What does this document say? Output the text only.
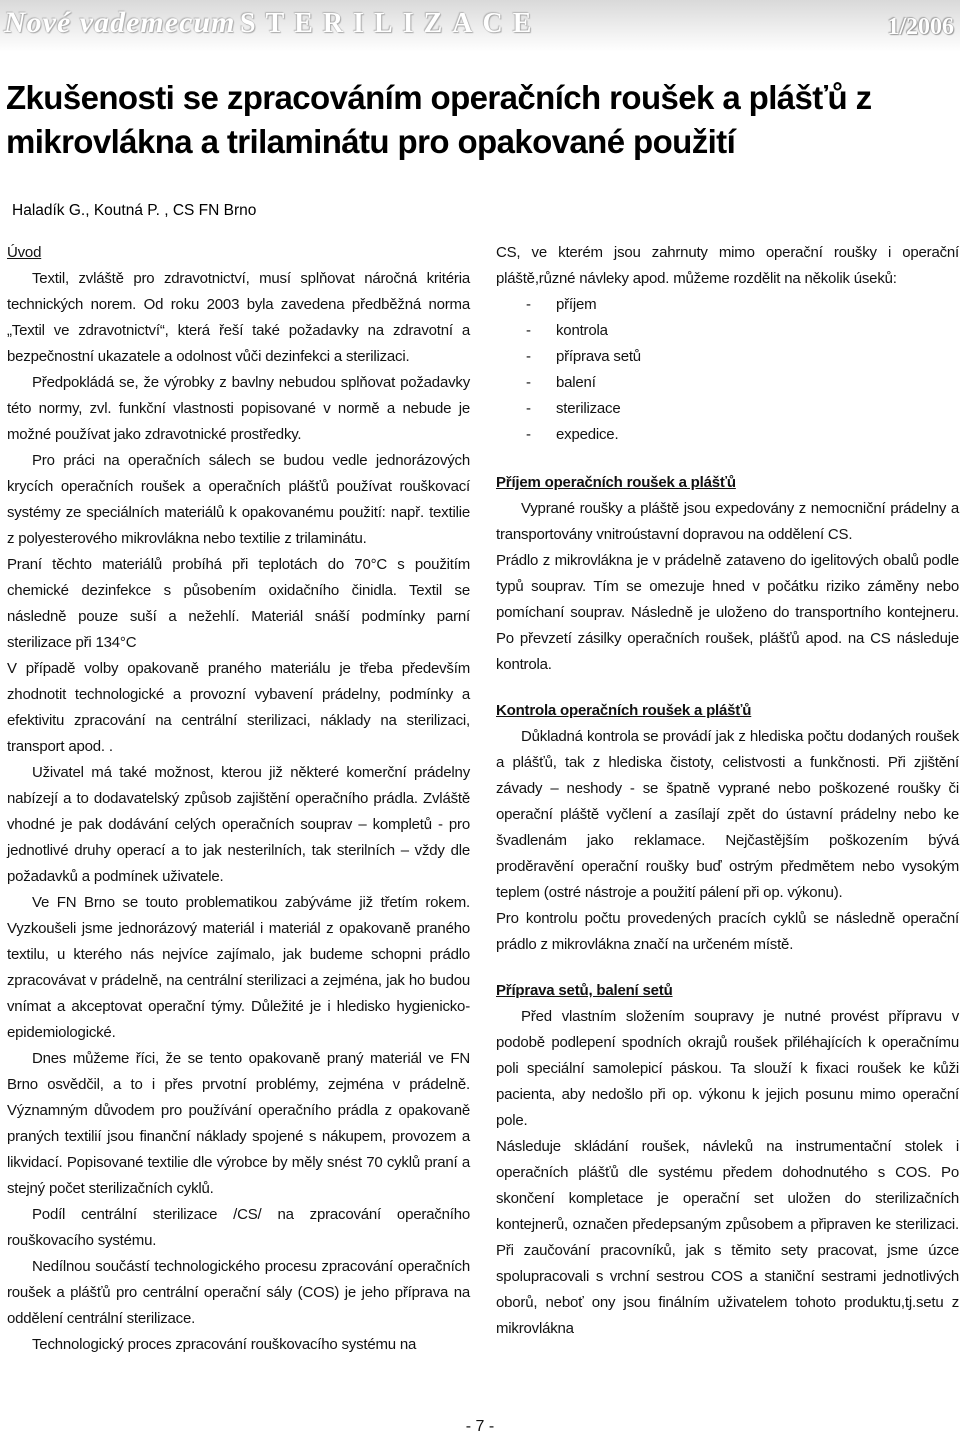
Nové vademecum STERILIZACE	1/2006
Zkušenosti se zpracováním operačních roušek a plášťů z mikrovlákna a trilaminátu pro opakované použití
Haladík G., Koutná P. , CS FN Brno

Úvod

Textil, zvláště pro zdravotnictví, musí splňovat náročná kritéria technických norem. Od roku 2003 byla zavedena předběžná norma „Textil ve zdravotnictví“, která řeší také požadavky na zdravotní a bezpečnostní ukazatele a odolnost vůči dezinfekci a sterilizaci.

Předpokládá se, že výrobky z bavlny nebudou splňovat požadavky této normy, zvl. funkční vlastnosti popisované v normě a nebude je možné používat jako zdravotnické prostředky.

Pro práci na operačních sálech se budou vedle jednorázových krycích operačních roušek a operačních plášťů používat rouškovací systémy ze speciálních materiálů k opakovanému použití: např. textilie z polyesterového mikrovlákna nebo textilie z trilaminátu.

Praní těchto materiálů probíhá při teplotách do 70°C s použitím chemické dezinfekce s působením oxidačního činidla. Textil se následně pouze suší a nežehlí. Materiál snáší podmínky parní sterilizace při 134°C

V případě volby opakovaně praného materiálu je třeba především zhodnotit technologické a provozní vybavení prádelny, podmínky a efektivitu zpracování na centrální sterilizaci, náklady na sterilizaci, transport apod. .

Uživatel má také možnost, kterou již některé komerční prádelny nabízejí a to dodavatelský způsob zajištění operačního prádla. Zvláště vhodné je pak dodávání celých operačních souprav – kompletů - pro jednotlivé druhy operací a to jak nesterilních, tak sterilních – vždy dle požadavků a podmínek uživatele.

Ve FN Brno se touto problematikou zabýváme již třetím rokem. Vyzkoušeli jsme jednorázový materiál i materiál z opakovaně praného textilu, u kterého nás nejvíce zajímalo, jak budeme schopni prádlo zpracovávat v prádelně, na centrální sterilizaci a zejména, jak ho budou vnímat a akceptovat operační týmy. Důležité je i hledisko hygienicko-epidemiologické.

Dnes můžeme říci, že se tento opakovaně praný materiál ve FN Brno osvědčil, a to i přes prvotní problémy, zejména v prádelně. Významným důvodem pro používání operačního prádla z opakovaně praných textilií jsou finanční náklady spojené s nákupem, provozem a likvidací. Popisované textilie dle výrobce by měly snést 70 cyklů praní a stejný počet sterilizačních cyklů.

Podíl centrální sterilizace /CS/ na zpracování operačního rouškovacího systému.

Nedílnou součástí technologického procesu zpracování operačních roušek a plášťů pro centrální operační sály (COS) je jeho příprava na oddělení centrální sterilizace.

Technologický proces zpracování rouškovacího systému na

CS, ve kterém jsou zahrnuty mimo operační roušky i operační pláště,různé návleky apod. můžeme rozdělit na několik úseků:

- příjem
- kontrola
- příprava setů
- balení
- sterilizace
- expedice.

Příjem operačních roušek a plášťů

Vyprané roušky a pláště jsou expedovány z nemocniční prádelny a transportovány vnitroústavní dopravou na oddělení CS.

Prádlo z mikrovlákna je v prádelně zataveno do igelitových obalů podle typů souprav. Tím se omezuje hned v počátku riziko záměny nebo pomíchaní souprav. Následně je uloženo do transportního kontejneru. Po převzetí zásilky operačních roušek, plášťů apod. na CS následuje kontrola.

Kontrola operačních roušek a plášťů

Důkladná kontrola se provádí jak z hlediska počtu dodaných roušek a plášťů, tak z hlediska čistoty, celistvosti a funkčnosti. Při zjištění závady – neshody - se špatně vyprané nebo poškozené roušky či operační pláště vyčlení a zasílají zpět do ústavní prádelny nebo ke švadlenám jako reklamace. Nejčastějším poškozením bývá proděravění operační roušky buď ostrým předmětem nebo vysokým teplem (ostré nástroje a použití pálení při op. výkonu).

Pro kontrolu počtu provedených pracích cyklů se následně operační prádlo z mikrovlákna značí na určeném místě.

Příprava setů, balení setů

Před vlastním složením soupravy je nutné provést přípravu v podobě podlepení spodních okrajů roušek přiléhajících k operačnímu poli speciální samolepicí páskou. Ta slouží k fixaci roušek ke kůži pacienta, aby nedošlo při op. výkonu k jejich posunu mimo operační pole.

Následuje skládání roušek, návleků na instrumentační stolek i operačních plášťů dle systému předem dohodnutého s COS. Po skončení kompletace je operační set uložen do sterilizačních kontejnerů, označen předepsaným způsobem a připraven ke sterilizaci. Při zaučování pracovníků, jak s těmito sety pracovat, jsme úzce spolupracovali s vrchní sestrou COS a staniční sestrami jednotlivých oborů, neboť ony jsou finálním uživatelem tohoto produktu,tj.setu z mikrovlákna

- 7 -
